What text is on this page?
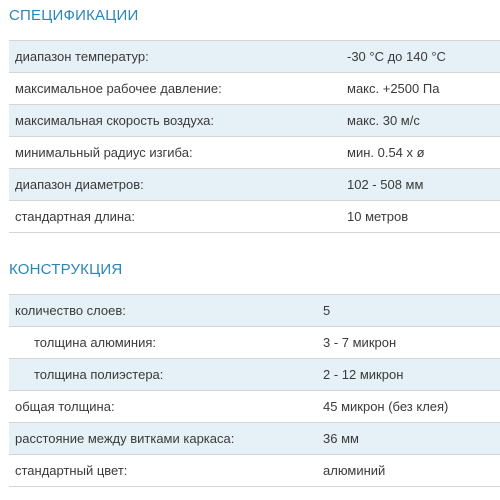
СПЕЦИФИКАЦИИ
диапазон температур:	-30 °С до 140 °С
максимальное рабочее давление:	макс. +2500 Па
максимальная скорость воздуха:	макс. 30 м/с
минимальный радиус изгиба:	мин. 0.54 x ø
диапазон диаметров:	102 - 508 мм
стандартная длина:	10 метров
КОНСТРУКЦИЯ
количество слоев:	5
толщина алюминия:	3 - 7 микрон
толщина полиэстера:	2 - 12 микрон
общая толщина:	45 микрон (без клея)
расстояние между витками каркаса:	36 мм
стандартный цвет:	алюминий
